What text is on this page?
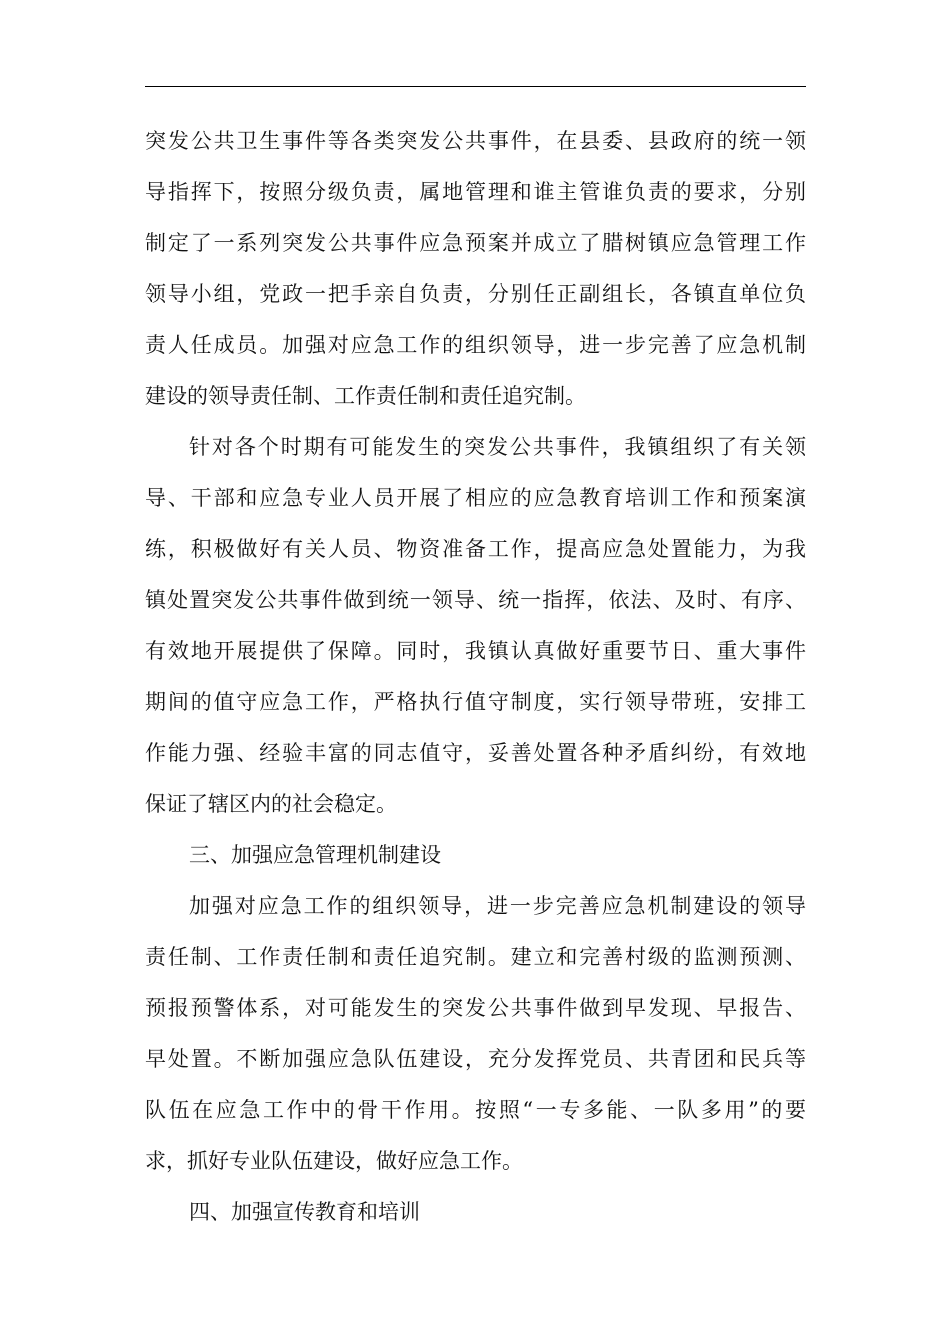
突发公共卫生事件等各类突发公共事件，在县委、县政府的统一领
导指挥下，按照分级负责，属地管理和谁主管谁负责的要求，分别
制定了一系列突发公共事件应急预案并成立了腊树镇应急管理工作
领导小组，党政一把手亲自负责，分别任正副组长，各镇直单位负
责人任成员。加强对应急工作的组织领导，进一步完善了应急机制
建设的领导责任制、工作责任制和责任追究制。
针对各个时期有可能发生的突发公共事件，我镇组织了有关领
导、干部和应急专业人员开展了相应的应急教育培训工作和预案演
练，积极做好有关人员、物资准备工作，提高应急处置能力，为我
镇处置突发公共事件做到统一领导、统一指挥，依法、及时、有序、
有效地开展提供了保障。同时，我镇认真做好重要节日、重大事件
期间的值守应急工作，严格执行值守制度，实行领导带班，安排工
作能力强、经验丰富的同志值守，妥善处置各种矛盾纠纷，有效地
保证了辖区内的社会稳定。
三、加强应急管理机制建设
加强对应急工作的组织领导，进一步完善应急机制建设的领导
责任制、工作责任制和责任追究制。建立和完善村级的监测预测、
预报预警体系，对可能发生的突发公共事件做到早发现、早报告、
早处置。不断加强应急队伍建设，充分发挥党员、共青团和民兵等
队伍在应急工作中的骨干作用。按照“一专多能、一队多用”的要
求，抓好专业队伍建设，做好应急工作。
四、加强宣传教育和培训
